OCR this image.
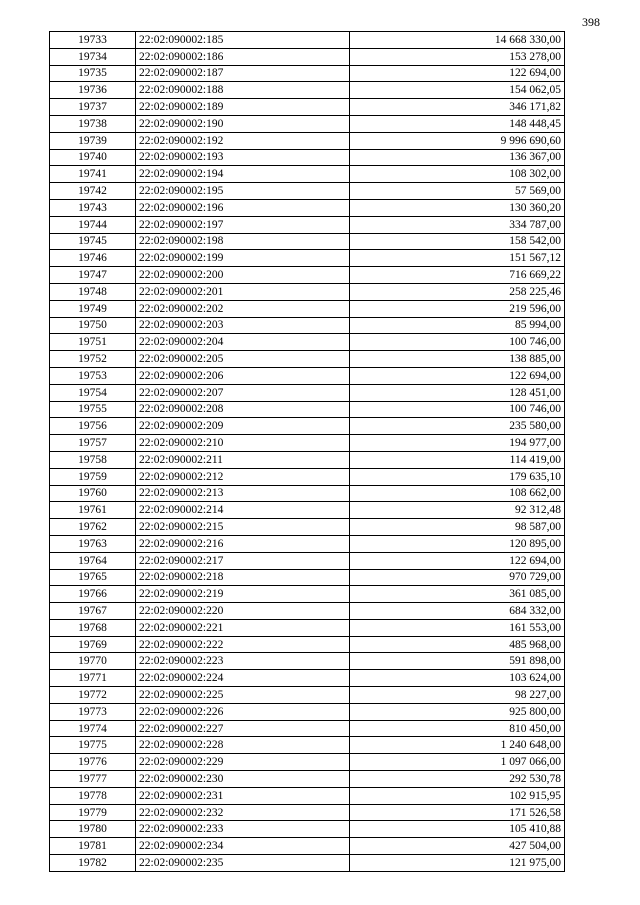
398
19733	22:02:090002:185	14 668 330,00
19734	22:02:090002:186	153 278,00
19735	22:02:090002:187	122 694,00
19736	22:02:090002:188	154 062,05
19737	22:02:090002:189	346 171,82
19738	22:02:090002:190	148 448,45
19739	22:02:090002:192	9 996 690,60
19740	22:02:090002:193	136 367,00
19741	22:02:090002:194	108 302,00
19742	22:02:090002:195	57 569,00
19743	22:02:090002:196	130 360,20
19744	22:02:090002:197	334 787,00
19745	22:02:090002:198	158 542,00
19746	22:02:090002:199	151 567,12
19747	22:02:090002:200	716 669,22
19748	22:02:090002:201	258 225,46
19749	22:02:090002:202	219 596,00
19750	22:02:090002:203	85 994,00
19751	22:02:090002:204	100 746,00
19752	22:02:090002:205	138 885,00
19753	22:02:090002:206	122 694,00
19754	22:02:090002:207	128 451,00
19755	22:02:090002:208	100 746,00
19756	22:02:090002:209	235 580,00
19757	22:02:090002:210	194 977,00
19758	22:02:090002:211	114 419,00
19759	22:02:090002:212	179 635,10
19760	22:02:090002:213	108 662,00
19761	22:02:090002:214	92 312,48
19762	22:02:090002:215	98 587,00
19763	22:02:090002:216	120 895,00
19764	22:02:090002:217	122 694,00
19765	22:02:090002:218	970 729,00
19766	22:02:090002:219	361 085,00
19767	22:02:090002:220	684 332,00
19768	22:02:090002:221	161 553,00
19769	22:02:090002:222	485 968,00
19770	22:02:090002:223	591 898,00
19771	22:02:090002:224	103 624,00
19772	22:02:090002:225	98 227,00
19773	22:02:090002:226	925 800,00
19774	22:02:090002:227	810 450,00
19775	22:02:090002:228	1 240 648,00
19776	22:02:090002:229	1 097 066,00
19777	22:02:090002:230	292 530,78
19778	22:02:090002:231	102 915,95
19779	22:02:090002:232	171 526,58
19780	22:02:090002:233	105 410,88
19781	22:02:090002:234	427 504,00
19782	22:02:090002:235	121 975,00
